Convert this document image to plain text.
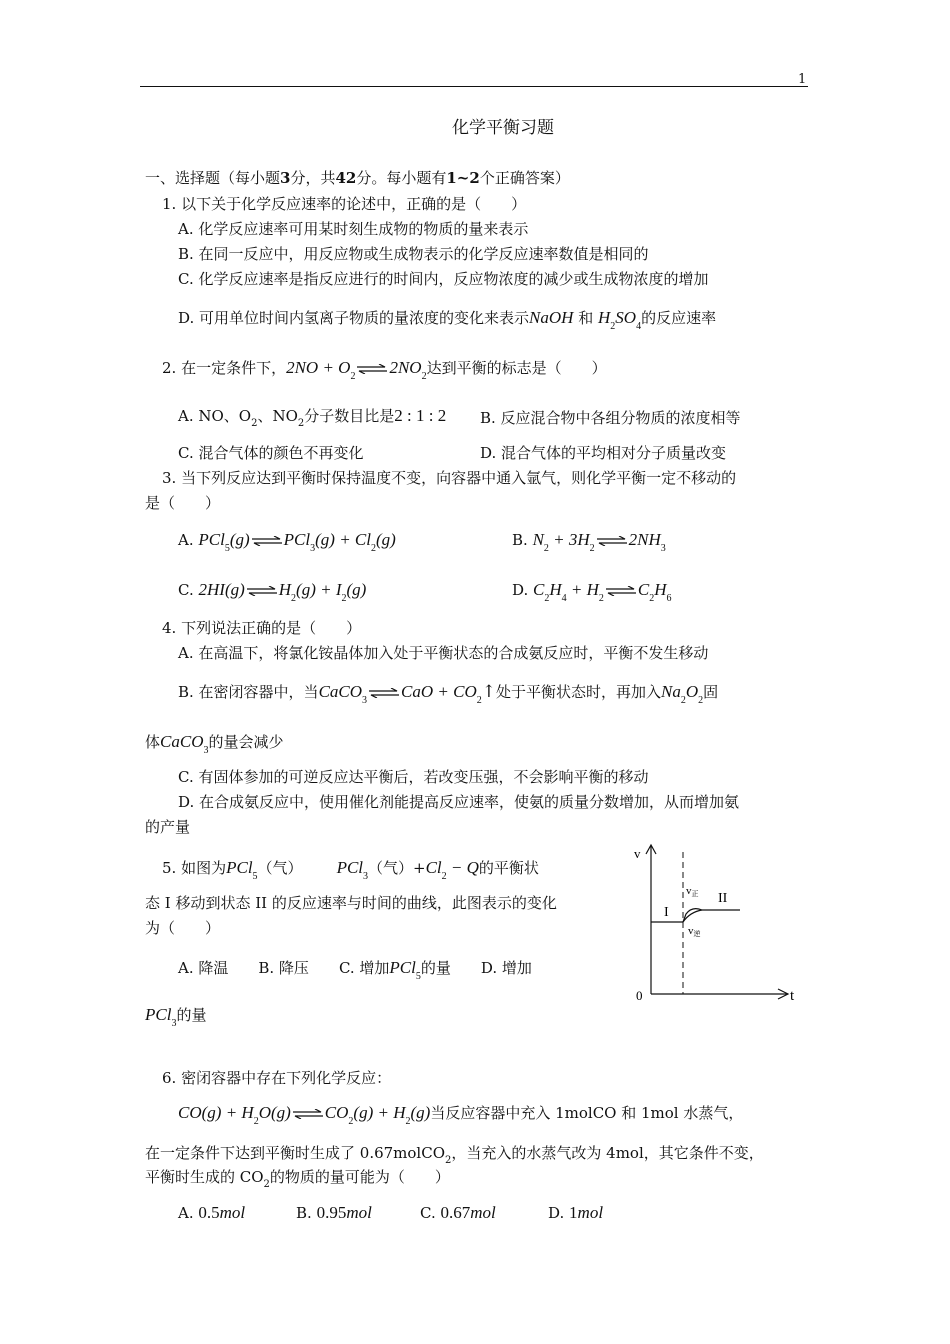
1
化学平衡习题
一、选择题（每小题3分，共42分。每小题有1~2个正确答案）
1. 以下关于化学反应速率的论述中，正确的是（　　）
A. 化学反应速率可用某时刻生成物的物质的量来表示
B. 在同一反应中，用反应物或生成物表示的化学反应速率数值是相同的
C. 化学反应速率是指反应进行的时间内，反应物浓度的减少或生成物浓度的增加
D. 可用单位时间内氢离子物质的量浓度的变化来表示NaOH 和 $H_2SO_4$的反应速率
2. 在一定条件下，$2NO + O_2$ ⇌ $2NO_2$达到平衡的标志是（　　）
A. NO、$O_2$、$NO_2$分子数目比是2 : 1 : 2 B. 反应混合物中各组分物质的浓度相等
C. 混合气体的颜色不再变化	D. 混合气体的平均相对分子质量改变
3. 当下列反应达到平衡时保持温度不变，向容器中通入氩气，则化学平衡一定不移动的
是（　　）
A. PCl$_5$(g) ⇌ $PCl_3(g) + Cl_2(g)$	B. $N_2 + 3H_2$ ⇌ $2NH_3$
C. 2HI(g) ⇌ $H_2(g) + I_2(g)$	D. $C_2H_4 + H_2$ ⇌ $C_2H_6$
4. 下列说法正确的是（　　）
A. 在高温下，将氯化铵晶体加入处于平衡状态的合成氨反应时，平衡不发生移动
B. 在密闭容器中，当CaCO$_3$ ⇌ CaO + $CO_2↑$处于平衡状态时，再加入$Na_2O_2$固
体CaCO$_3$的量会减少
C. 有固体参加的可逆反应达平衡后，若改变压强，不会影响平衡的移动
D. 在合成氨反应中，使用催化剂能提高反应速率，使氨的质量分数增加，从而增加氨
的产量
5. 如图为PCl$_5$（气） PCl$_3$（气）$+Cl_2 - Q$的平衡状
态 I 移动到状态 II 的反应速率与时间的曲线，此图表示的变化
为（　　）
A. 降温 B. 降压 C. 增加PCl$_5$的量 D. 增加
PCl$_3$的量
v
t
0
I
II
v正
v逆
6. 密闭容器中存在下列化学反应：
$CO(g) + H_2O(g)$ ⇌ $CO_2(g) + H_2(g)$当反应容器中充入 1molCO 和 1mol 水蒸气，
在一定条件下达到平衡时生成了 0.67molCO$_2$，当充入的水蒸气改为 4mol，其它条件不变，
平衡时生成的 $CO_2$的物质的量可能为（　　）
A. 0.5mol	B. 0.95mol	C. 0.67mol	D. 1mol
